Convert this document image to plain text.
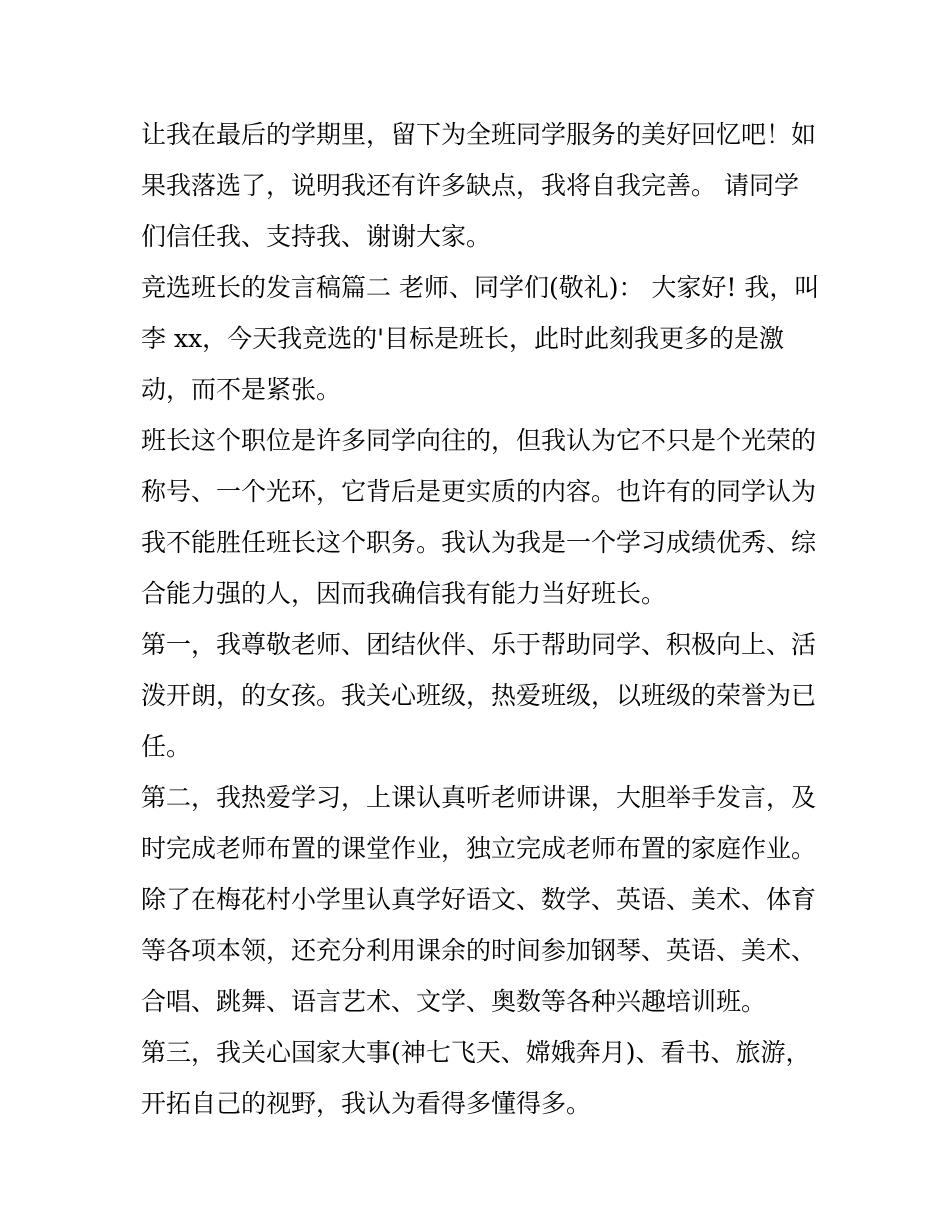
让我在最后的学期里，留下为全班同学服务的美好回忆吧！如
果我落选了，说明我还有许多缺点，我将自我完善。 请同学
们信任我、支持我、谢谢大家。
竞选班长的发言稿篇二 老师、同学们(敬礼)： 大家好! 我，叫
李 xx，今天我竞选的'目标是班长，此时此刻我更多的是激
动，而不是紧张。
班长这个职位是许多同学向往的，但我认为它不只是个光荣的
称号、一个光环，它背后是更实质的内容。也许有的同学认为
我不能胜任班长这个职务。我认为我是一个学习成绩优秀、综
合能力强的人，因而我确信我有能力当好班长。
第一，我尊敬老师、团结伙伴、乐于帮助同学、积极向上、活
泼开朗，的女孩。我关心班级，热爱班级，以班级的荣誉为已
任。
第二，我热爱学习，上课认真听老师讲课，大胆举手发言，及
时完成老师布置的课堂作业，独立完成老师布置的家庭作业。
除了在梅花村小学里认真学好语文、数学、英语、美术、体育
等各项本领，还充分利用课余的时间参加钢琴、英语、美术、
合唱、跳舞、语言艺术、文学、奥数等各种兴趣培训班。
第三，我关心国家大事(神七飞天、嫦娥奔月)、看书、旅游，
开拓自己的视野，我认为看得多懂得多。
